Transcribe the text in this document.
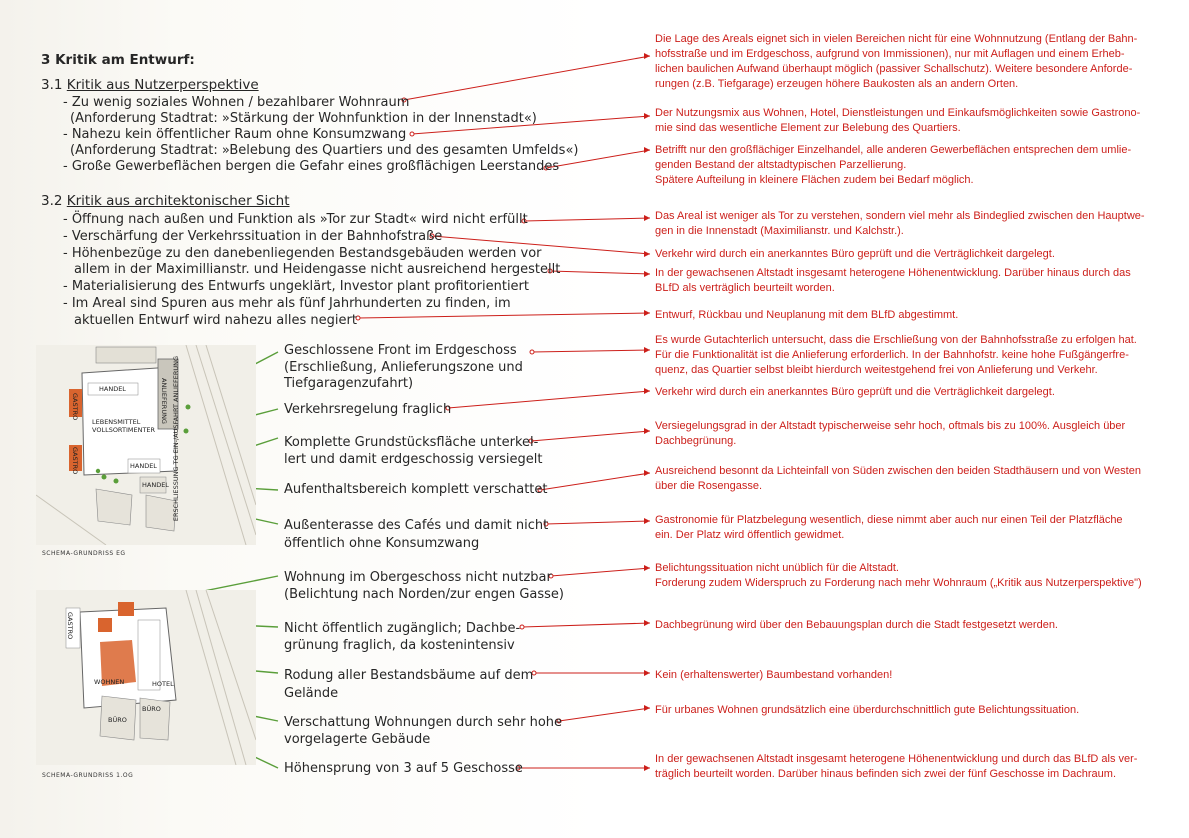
3 Kritik am Entwurf:
3.1 Kritik aus Nutzerperspektive
3.2 Kritik aus architektonischer Sicht
- Zu wenig soziales Wohnen / bezahlbarer Wohnraum
(Anforderung Stadtrat: »Stärkung der Wohnfunktion in der Innenstadt«)
- Nahezu kein öffentlicher Raum ohne Konsumzwang
(Anforderung Stadtrat: »Belebung des Quartiers und des gesamten Umfelds«)
- Große Gewerbeflächen bergen die Gefahr eines großflächigen Leerstandes
- Öffnung nach außen und Funktion als »Tor zur Stadt« wird nicht erfüllt
- Verschärfung der Verkehrssituation in der Bahnhofstraße
- Höhenbezüge zu den danebenliegenden Bestandsgebäuden werden vor
allem in der Maximillianstr. und Heidengasse nicht ausreichend hergestellt
- Materialisierung des Entwurfs ungeklärt, Investor plant profitorientiert
- Im Areal sind Spuren aus mehr als fünf Jahrhunderten zu finden, im
aktuellen Entwurf wird nahezu alles negiert
Geschlossene Front im Erdgeschoss
(Erschließung, Anlieferungszone und
Tiefgaragenzufahrt)
Verkehrsregelung fraglich
Komplette Grundstücksfläche unterkel-
lert und damit erdgeschossig versiegelt
Aufenthaltsbereich komplett verschattet
Außenterasse des Cafés und damit nicht
öffentlich ohne Konsumzwang
Wohnung im Obergeschoss nicht nutzbar
(Belichtung nach Norden/zur engen Gasse)
Nicht öffentlich zugänglich; Dachbe-
grünung fraglich, da kostenintensiv
Rodung aller Bestandsbäume auf dem
Gelände
Verschattung Wohnungen durch sehr hohe
vorgelagerte Gebäude
Höhensprung von 3 auf 5 Geschosse
Die Lage des Areals eignet sich in vielen Bereichen nicht für eine Wohnnutzung (Entlang der Bahn-
hofsstraße und im Erdgeschoss, aufgrund von Immissionen), nur mit Auflagen und einem Erheb-
lichen baulichen Aufwand überhaupt möglich (passiver Schallschutz). Weitere besondere Anforde-
rungen (z.B. Tiefgarage) erzeugen höhere Baukosten als an andern Orten.
Der Nutzungsmix aus Wohnen, Hotel, Dienstleistungen und Einkaufsmöglichkeiten sowie Gastrono-
mie sind das wesentliche Element zur Belebung des Quartiers.
Betrifft nur den großflächiger Einzelhandel, alle anderen Gewerbeflächen entsprechen dem umlie-
genden Bestand der altstadtypischen Parzellierung.
Spätere Aufteilung in kleinere Flächen zudem bei Bedarf möglich.
Das Areal ist weniger als Tor zu verstehen, sondern viel mehr als Bindeglied zwischen den Hauptwe-
gen in die Innenstadt (Maximilianstr. und Kalchstr.).
Verkehr wird durch ein anerkanntes Büro geprüft und die Verträglichkeit dargelegt.
In der gewachsenen Altstadt insgesamt heterogene Höhenentwicklung. Darüber hinaus durch das
BLfD als verträglich beurteilt worden.
Entwurf, Rückbau und Neuplanung mit dem BLfD abgestimmt.
Es wurde Gutachterlich untersucht, dass die Erschließung von der Bahnhofsstraße zu erfolgen hat.
Für die Funktionalität ist die Anlieferung erforderlich. In der Bahnhofstr. keine hohe Fußgängerfre-
quenz, das Quartier selbst bleibt hierdurch weitestgehend frei von Anlieferung und Verkehr.
Verkehr wird durch ein anerkanntes Büro geprüft und die Verträglichkeit dargelegt.
Versiegelungsgrad in der Altstadt typischerweise sehr hoch, oftmals bis zu 100%. Ausgleich über
Dachbegrünung.
Ausreichend besonnt da Lichteinfall von Süden zwischen den beiden Stadthäusern und von Westen
über die Rosengasse.
Gastronomie für Platzbelegung wesentlich, diese nimmt aber auch nur einen Teil der Platzfläche
ein. Der Platz wird öffentlich gewidmet.
Belichtungssituation nicht unüblich für die Altstadt.
Forderung zudem Widerspruch zu Forderung nach mehr Wohnraum („Kritik aus Nutzerperspektive")
Dachbegrünung wird über den Bebauungsplan durch die Stadt festgesetzt werden.
Kein (erhaltenswerter) Baumbestand vorhanden!
Für urbanes Wohnen grundsätzlich eine überdurchschnittlich gute Belichtungssituation.
In der gewachsenen Altstadt insgesamt heterogene Höhenentwicklung und durch das BLfD als ver-
träglich beurteilt worden. Darüber hinaus befinden sich zwei der fünf Geschosse im Dachraum.
HANDEL
GASTRO
LEBENSMITTEL
VOLLSORTIMENTER
GASTRO	HANDEL
HANDEL
ANLIEFERUNG ERSCHLIESSUNG TG EIN-/AUSFAHRT ANLIEFERUNG
SCHEMA-GRUNDRISS EG
GASTRO
WOHNEN	HOTEL
BÜRO
BÜRO
SCHEMA-GRUNDRISS 1.OG
